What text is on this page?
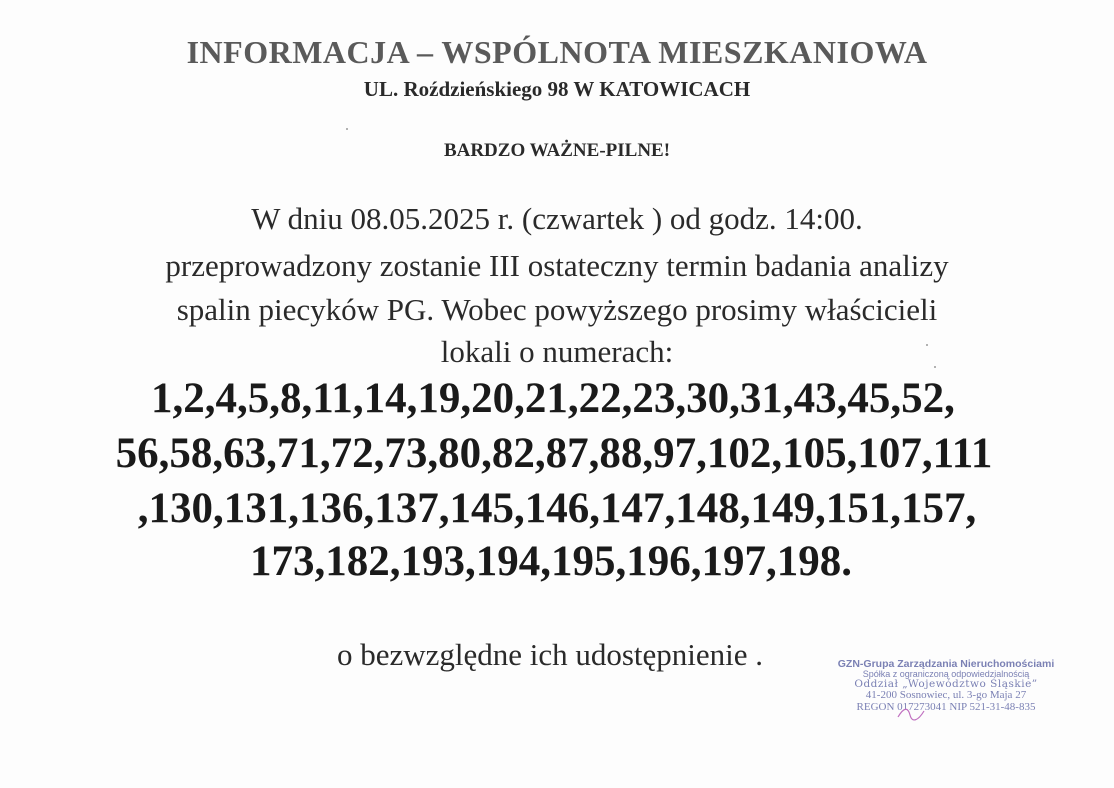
INFORMACJA – WSPÓLNOTA MIESZKANIOWA
UL. Roździeńskiego 98 W KATOWICACH
BARDZO WAŻNE-PILNE!
W dniu 08.05.2025 r. (czwartek ) od godz. 14:00.
przeprowadzony zostanie III ostateczny termin badania analizy
spalin piecyków PG. Wobec powyższego prosimy właścicieli
lokali o numerach:
1,2,4,5,8,11,14,19,20,21,22,23,30,31,43,45,52,
56,58,63,71,72,73,80,82,87,88,97,102,105,107,111
,130,131,136,137,145,146,147,148,149,151,157,
173,182,193,194,195,196,197,198.
o bezwzględne ich udostępnienie .	GZN-Grupa Zarządzania Nieruchomościami
Spółka z ograniczoną odpowiedzialnością
Oddział „Województwo Śląskie”
41-200 Sosnowiec, ul. 3-go Maja 27
REGON 017273041 NIP 521-31-48-835
